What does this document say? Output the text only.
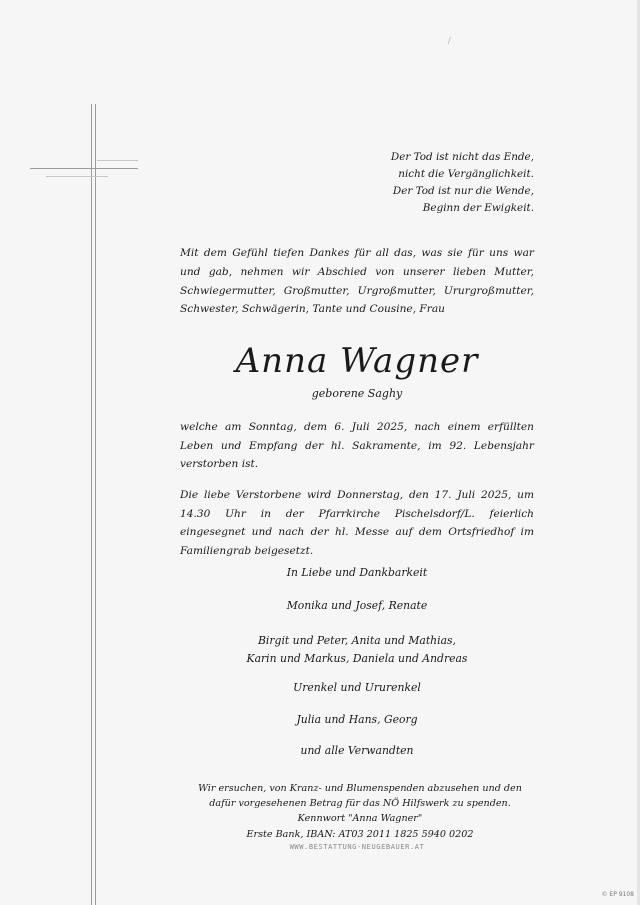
/
Der Tod ist nicht das Ende,
nicht die Vergänglichkeit.
Der Tod ist nur die Wende,
Beginn der Ewigkeit.

Mit dem Gefühl tiefen Dankes für all das, was sie für uns war und gab, nehmen wir Abschied von unserer lieben Mutter, Schwiegermutter, Großmutter, Urgroßmutter, Ururgroßmutter, Schwester, Schwägerin, Tante und Cousine, Frau

Anna Wagner
geborene Saghy

welche am Sonntag, dem 6. Juli 2025, nach einem erfüllten Leben und Empfang der hl. Sakramente, im 92. Lebensjahr verstorben ist.

Die liebe Verstorbene wird Donnerstag, den 17. Juli 2025, um 14.30 Uhr in der Pfarrkirche Pischelsdorf/L. feierlich eingesegnet und nach der hl. Messe auf dem Ortsfriedhof im Familiengrab beigesetzt.

In Liebe und Dankbarkeit
Monika und Josef, Renate
Birgit und Peter, Anita und Mathias,
Karin und Markus, Daniela und Andreas
Urenkel und Ururenkel
Julia und Hans, Georg
und alle Verwandten
Wir ersuchen, von Kranz- und Blumenspenden abzusehen und den
dafür vorgesehenen Betrag für das NÖ Hilfswerk zu spenden.
Kennwort "Anna Wagner"
Erste Bank, IBAN: AT03 2011 1825 5940 0202
WWW.BESTATTUNG-NEUGEBAUER.AT
© EP 9108
